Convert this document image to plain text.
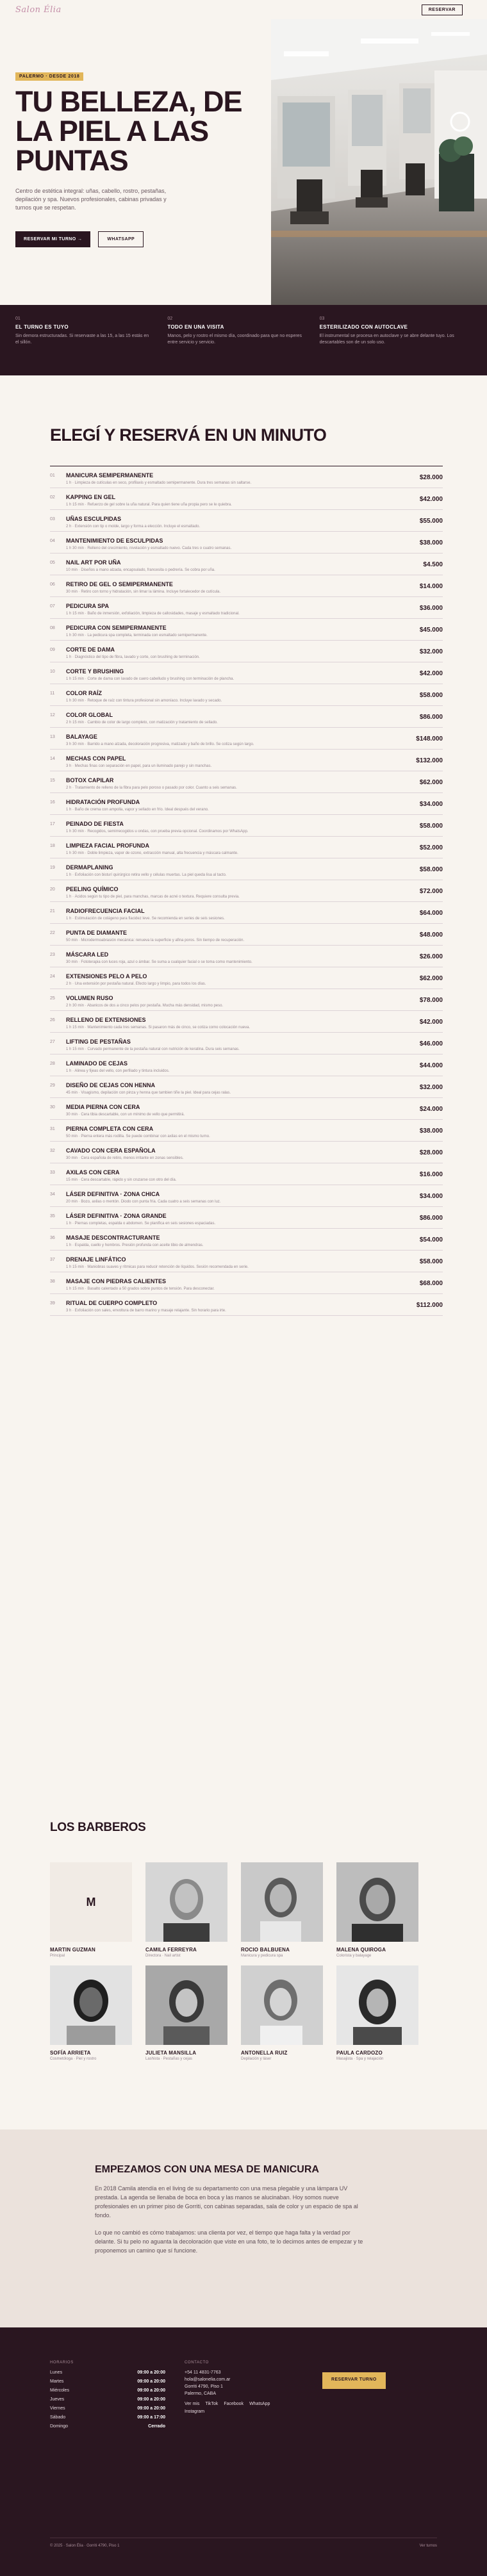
Salon Élia	RESERVAR
PALERMO · DESDE 2018
TU BELLEZA, DE LA PIEL A LAS PUNTAS

Centro de estética integral: uñas, cabello, rostro, pestañas, depilación y spa. Nuevos profesionales, cabinas privadas y turnos que se respetan.

RESERVAR MI TURNO →	WHATSAPP
01
EL TURNO ES TUYO
Sin demora estructuradas. Si reservaste a las 15, a las 15 estás en el sillón.
02
TODO EN UNA VISITA
Manos, pelo y rostro el mismo día, coordinado para que no esperes entre servicio y servicio.
03
ESTERILIZADO CON AUTOCLAVE
El instrumental se procesa en autoclave y se abre delante tuyo. Los descartables son de un solo uso.
ELEGÍ Y RESERVÁ EN UN MINUTO
01	MANICURA SEMIPERMANENTE
1 h · Limpieza de cutículas en seco, profilaxis y esmaltado semipermanente. Dura tres semanas sin saltarse.
$28.000
02	KAPPING EN GEL
1 h 15 min · Refuerzo de gel sobre la uña natural. Para quien tiene uña propia pero se le quiebra.
$42.000
03	UÑAS ESCULPIDAS
2 h · Extensión con tip o molde, largo y forma a elección. Incluye el esmaltado.
$55.000
04	MANTENIMIENTO DE ESCULPIDAS
1 h 30 min · Relleno del crecimiento, nivelación y esmaltado nuevo. Cada tres o cuatro semanas.
$38.000
05	NAIL ART POR UÑA
10 min · Diseños a mano alzada, encapsulado, francesita o pedrería. Se cobra por uña.
$4.500
06	RETIRO DE GEL O SEMIPERMANENTE
30 min · Retiro con torno y hidratación, sin limar la lámina. Incluye fortalecedor de cutícula.
$14.000
07	PEDICURA SPA
1 h 15 min · Baño de inmersión, exfoliación, limpieza de callosidades, masaje y esmaltado tradicional.
$36.000
08	PEDICURA CON SEMIPERMANENTE
1 h 30 min · La pedicura spa completa, terminada con esmaltado semipermanente.
$45.000
09	CORTE DE DAMA
1 h · Diagnóstico del tipo de fibra, lavado y corte, con brushing de terminación.
$32.000
10	CORTE Y BRUSHING
1 h 15 min · Corte de dama con lavado de cuero cabelludo y brushing con terminación de plancha.
$42.000
11	COLOR RAÍZ
1 h 30 min · Retoque de raíz con tintura profesional sin amoníaco. Incluye lavado y secado.
$58.000
12	COLOR GLOBAL
2 h 15 min · Cambio de color de largo completo, con matización y tratamiento de sellado.
$86.000
13	BALAYAGE
3 h 30 min · Barrido a mano alzada, decoloración progresiva, matizado y baño de brillo. Se cotiza según largo.
$148.000
14	MECHAS CON PAPEL
3 h · Mechas finas con separación en papel, para un iluminado parejo y sin manchas.
$132.000
15	BOTOX CAPILAR
2 h · Tratamiento de relleno de la fibra para pelo poroso o pasado por color. Cuanto a seis semanas.
$62.000
16	HIDRATACIÓN PROFUNDA
1 h · Baño de crema con ampolla, vapor y sellado en frío. Ideal después del verano.
$34.000
17	PEINADO DE FIESTA
1 h 30 min · Recogidos, semirrecogidos u ondas, con prueba previa opcional. Coordinamos por WhatsApp.
$58.000
18	LIMPIEZA FACIAL PROFUNDA
1 h 30 min · Doble limpieza, vapor de ozono, extracción manual, alta frecuencia y máscara calmante.
$52.000
19	DERMAPLANING
1 h · Exfoliación con bisturí quirúrgico retira vello y células muertas. La piel queda lisa al tacto.
$58.000
20	PEELING QUÍMICO
1 h · Ácidos según tu tipo de piel, para manchas, marcas de acné o textura. Requiere consulta previa.
$72.000
21	RADIOFRECUENCIA FACIAL
1 h · Estimulación de colágeno para flacidez leve. Se recomienda en series de seis sesiones.
$64.000
22	PUNTA DE DIAMANTE
50 min · Microdermoabrasión mecánica: renueva la superficie y afina poros. Sin tiempo de recuperación.
$48.000
23	MÁSCARA LED
30 min · Fototerapia con luces roja, azul o ámbar. Se suma a cualquier facial o se toma como mantenimiento.
$26.000
24	EXTENSIONES PELO A PELO
2 h · Una extensión por pestaña natural. Efecto largo y limpio, para todos los días.
$62.000
25	VOLUMEN RUSO
2 h 30 min · Abanicos de dos a cinco pelos por pestaña. Mucha más densidad, mismo peso.
$78.000
26	RELLENO DE EXTENSIONES
1 h 15 min · Mantenimiento cada tres semanas. Si pasaron más de cinco, se cotiza como colocación nueva.
$42.000
27	LIFTING DE PESTAÑAS
1 h 15 min · Curvado permanente de la pestaña natural con nutrición de keratina. Dura seis semanas.
$46.000
28	LAMINADO DE CEJAS
1 h · Alinea y fijeas del vello, con perfilado y tintura incluidos.
$44.000
29	DISEÑO DE CEJAS CON HENNA
45 min · Visagismo, depilación con pinza y henna que tambien tiñe la piel. Ideal para cejas ralas.
$32.000
30	MEDIA PIERNA CON CERA
30 min · Cera tibia descartable, con un mínimo de vello que permitirá.
$24.000
31	PIERNA COMPLETA CON CERA
50 min · Pierna entera más rodilla. Se puede combinar con axilas en el mismo turno.
$38.000
32	CAVADO CON CERA ESPAÑOLA
30 min · Cera española de retiro, menos irritante en zonas sensibles.
$28.000
33	AXILAS CON CERA
15 min · Cera descartable, rápido y sin cruzarse con otro del día.
$16.000
34	LÁSER DEFINITIVA · ZONA CHICA
20 min · Bozo, axilas o mentón. Diodo con punta fría. Cada cuatro a seis semanas con luz.
$34.000
35	LÁSER DEFINITIVA · ZONA GRANDE
1 h · Piernas completas, espalda o abdomen. Se planifica en seis sesiones espaciadas.
$86.000
36	MASAJE DESCONTRACTURANTE
1 h · Espalda, cuello y hombros. Presión profunda con aceite tibio de almendras.
$54.000
37	DRENAJE LINFÁTICO
1 h 15 min · Maniobras suaves y rítmicas para reducir retención de líquidos. Sesión recomendada en serie.
$58.000
38	MASAJE CON PIEDRAS CALIENTES
1 h 15 min · Basalto calentado a 50 grados sobre puntos de tensión. Para desconectar.
$68.000
39	RITUAL DE CUERPO COMPLETO
3 h · Exfoliación con sales, envoltura de barro marino y masaje relajante. Sin horario para irte.
$112.000
LOS BARBEROS
M
MARTIN GUZMAN
Principal
CAMILA FERREYRA
Directora · Nail artist
ROCIO BALBUENA
Manicura y pedicura spa
MALENA QUIROGA
Colorista y balayage
SOFÍA ARRIETA
Cosmetóloga · Piel y rostro
JULIETA MANSILLA
Lashista · Pestañas y cejas
ANTONELLA RUIZ
Depilación y láser
PAULA CARDOZO
Masajista · Spa y relajación
EMPEZAMOS CON UNA MESA DE MANICURA

En 2018 Camila atendía en el living de su departamento con una mesa plegable y una lámpara UV prestada. La agenda se llenaba de boca en boca y las manos se alucinaban. Hoy somos nueve profesionales en un primer piso de Gorriti, con cabinas separadas, sala de color y un espacio de spa al fondo.

Lo que no cambió es cómo trabajamos: una clienta por vez, el tiempo que haga falta y la verdad por delante. Si tu pelo no aguanta la decoloración que viste en una foto, te lo decimos antes de empezar y te proponemos un camino que sí funcione.

HORARIOS
Lunes	09:00 a 20:00
Martes	09:00 a 20:00
Miércoles	09:00 a 20:00
Jueves	09:00 a 20:00
Viernes	09:00 a 20:00
Sábado	09:00 a 17:00
Domingo	Cerrado
CONTACTO
+54 11 4831-7763
hola@salonelia.com.ar
Gorriti 4790, Piso 1
Palermo, CABA
Ver mis TikTok Facebook WhatsApp
Instagram
RESERVAR TURNO
© 2025 · Salon Élia · Gorriti 4790, Piso 1	Ver turnos
